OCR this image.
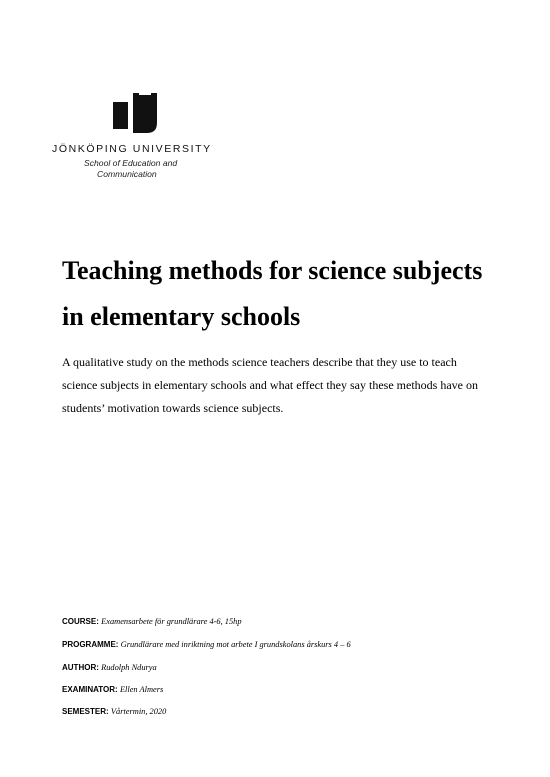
JÖNKÖPING UNIVERSITY
School of Education and
Communication
Teaching methods for science subjects
in elementary schools
A qualitative study on the methods science teachers describe that they use to teach science subjects in elementary schools and what effect they say these methods have on students’ motivation towards science subjects.
COURSE: Examensarbete för grundlärare 4-6, 15hp
PROGRAMME: Grundlärare med inriktning mot arbete I grundskolans årskurs 4 – 6
AUTHOR: Rudolph Ndurya
EXAMINATOR: Ellen Almers
SEMESTER: Vårtermin, 2020
